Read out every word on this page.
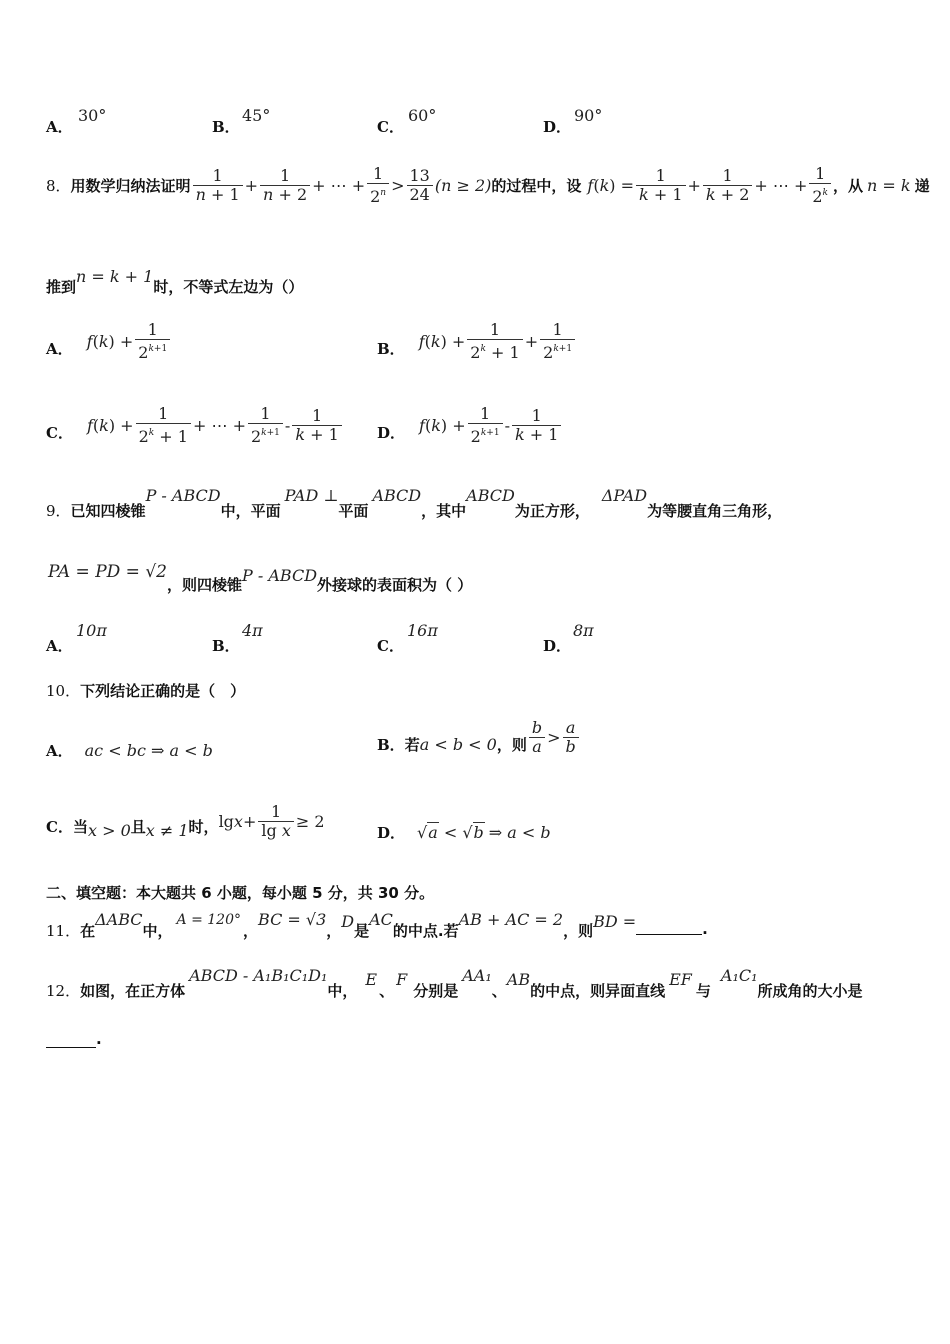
A．
30°
B．
45°
C．
60°
D．
90°
8． 用数学归纳法证明 $\frac{1}{n + 1} + \frac{1}{n + 2}$ + ⋯ + $\frac{1}{2^n} > \frac{13}{24} (n \ge 2)$ 的过程中，设 f ( k ) = $\frac{1}{k + 1} + \frac{1}{k + 2}$ + ⋯ + $\frac{1}{2^k}$ ，从 n = k 递
推到
n = k + 1
时，不等式左边为（）
A． f ( k ) + $\frac{1}{2^{k+1}}$	B． f ( k ) + $\frac{1}{2^k + 1} + \frac{1}{2^{k+1}}$
C． f ( k ) + $\frac{1}{2^k + 1}$ + ⋯ + $\frac{1}{2^{k+1}} - \frac{1}{k + 1}$ D． f ( k ) + $\frac{1}{2^{k+1}} - \frac{1}{k + 1}$
9． 已知四棱锥
P - ABCD
中，平面
PAD ⊥
平面
ABCD
，其中
ABCD
为正方形，
ΔPAD
为等腰直角三角形，
PA = PD = √2
，则四棱锥 P - ABCD 外接球的表面积为（ ）
A．
10π
B．
4π
C．
16π
D．
8π
10．下列结论正确的是（　）
A． ac < bc ⇒ a < b	B． 若 a < b < 0 ，则 $\frac{b}{a} > \frac{a}{b}$
C． 当 x > 0 且 x ≠ 1 时， $\lg x + \frac{1}{\text{lg x}} \ge 2$
D． √a < √b ⇒ a < b
二、填空题：本大题共 6 小题，每小题 5 分，共 30 分。
11． 在
ΔABC
中，
A = 120°
，
BC = √3
， D 是
AC
的中点.若
AB + AC = 2
，则 BD =	.
12． 如图，在正方体
ABCD - A₁B₁C₁D₁
中，
E
、
F
分别是
AA₁
、
AB
的中点，则异面直线
EF
与
A₁C₁
所成角的大小是
.
